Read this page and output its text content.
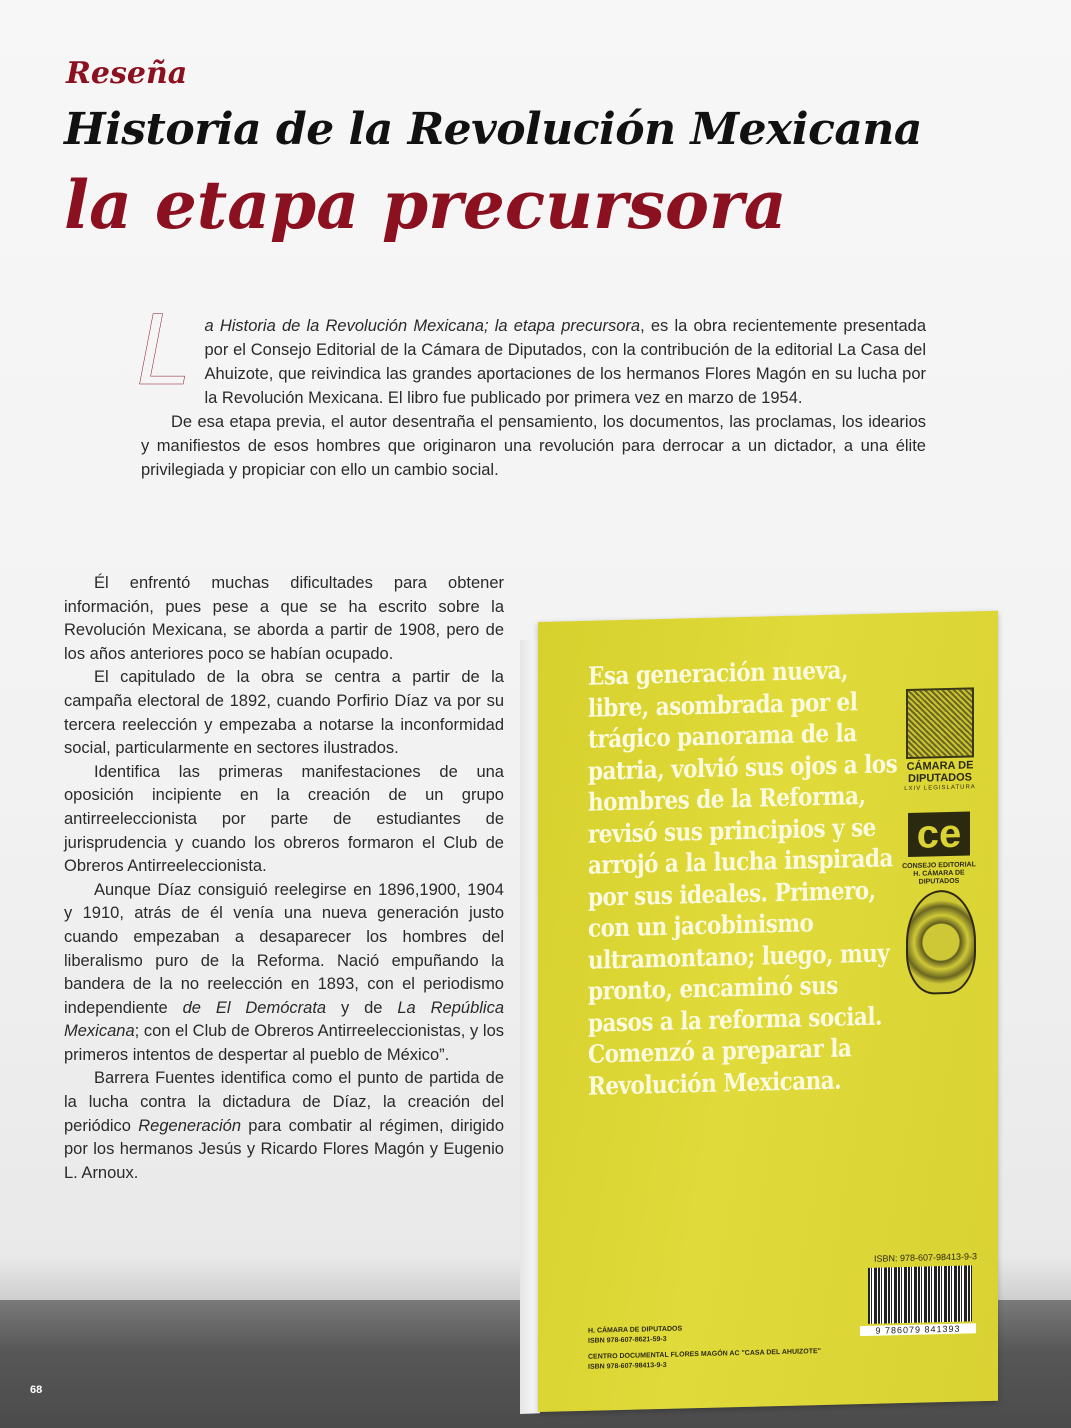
Reseña
Historia de la Revolución Mexicana
la etapa precursora

La Historia de la Revolución Mexicana; la etapa precursora, es la obra recientemente presentada por el Consejo Editorial de la Cámara de Diputados, con la contribución de la editorial La Casa del Ahuizote, que reivindica las grandes aportaciones de los hermanos Flores Magón en su lucha por la Revolución Mexicana. El libro fue publicado por primera vez en marzo de 1954.

De esa etapa previa, el autor desentraña el pensamiento, los documentos, las proclamas, los idearios y manifiestos de esos hombres que originaron una revolución para derrocar a un dictador, a una élite privilegiada y propiciar con ello un cambio social.

Él enfrentó muchas dificultades para obtener información, pues pese a que se ha escrito sobre la Revolución Mexicana, se aborda a partir de 1908, pero de los años anteriores poco se habían ocupado.

El capitulado de la obra se centra a partir de la campaña electoral de 1892, cuando Porfirio Díaz va por su tercera reelección y empezaba a notarse la inconformidad social, particularmente en sectores ilustrados.

Identifica las primeras manifestaciones de una oposición incipiente en la creación de un grupo antirreeleccionista por parte de estudiantes de jurisprudencia y cuando los obreros formaron el Club de Obreros Antirreeleccionista.

Aunque Díaz consiguió reelegirse en 1896,1900, 1904 y 1910, atrás de él venía una nueva generación justo cuando empezaban a desaparecer los hombres del liberalismo puro de la Reforma. Nació empuñando la bandera de la no reelección en 1893, con el periodismo independiente de El Demócrata y de La República Mexicana; con el Club de Obreros Antirreeleccionistas, y los primeros intentos de despertar al pueblo de México”.

Barrera Fuentes identifica como el punto de partida de la lucha contra la dictadura de Díaz, la creación del periódico Regeneración para combatir al régimen, dirigido por los hermanos Jesús y Ricardo Flores Magón y Eugenio L. Arnoux.

Esa generación nueva,
libre, asombrada por el
trágico panorama de la
patria, volvió sus ojos a los
hombres de la Reforma,
revisó sus principios y se
arrojó a la lucha inspirada
por sus ideales. Primero,
con un jacobinismo
ultramontano; luego, muy
pronto, encaminó sus
pasos a la reforma social.
Comenzó a preparar la
Revolución Mexicana.
CÁMARA DE DIPUTADOS
LXIV LEGISLATURA
ce
CONSEJO EDITORIAL H. CÁMARA DE DIPUTADOS
ISBN: 978-607-98413-9-3
9 786079 841393
H. CÁMARA DE DIPUTADOS
ISBN 978-607-8621-59-3
CENTRO DOCUMENTAL FLORES MAGÓN AC "CASA DEL AHUIZOTE"
ISBN 978-607-98413-9-3
68
